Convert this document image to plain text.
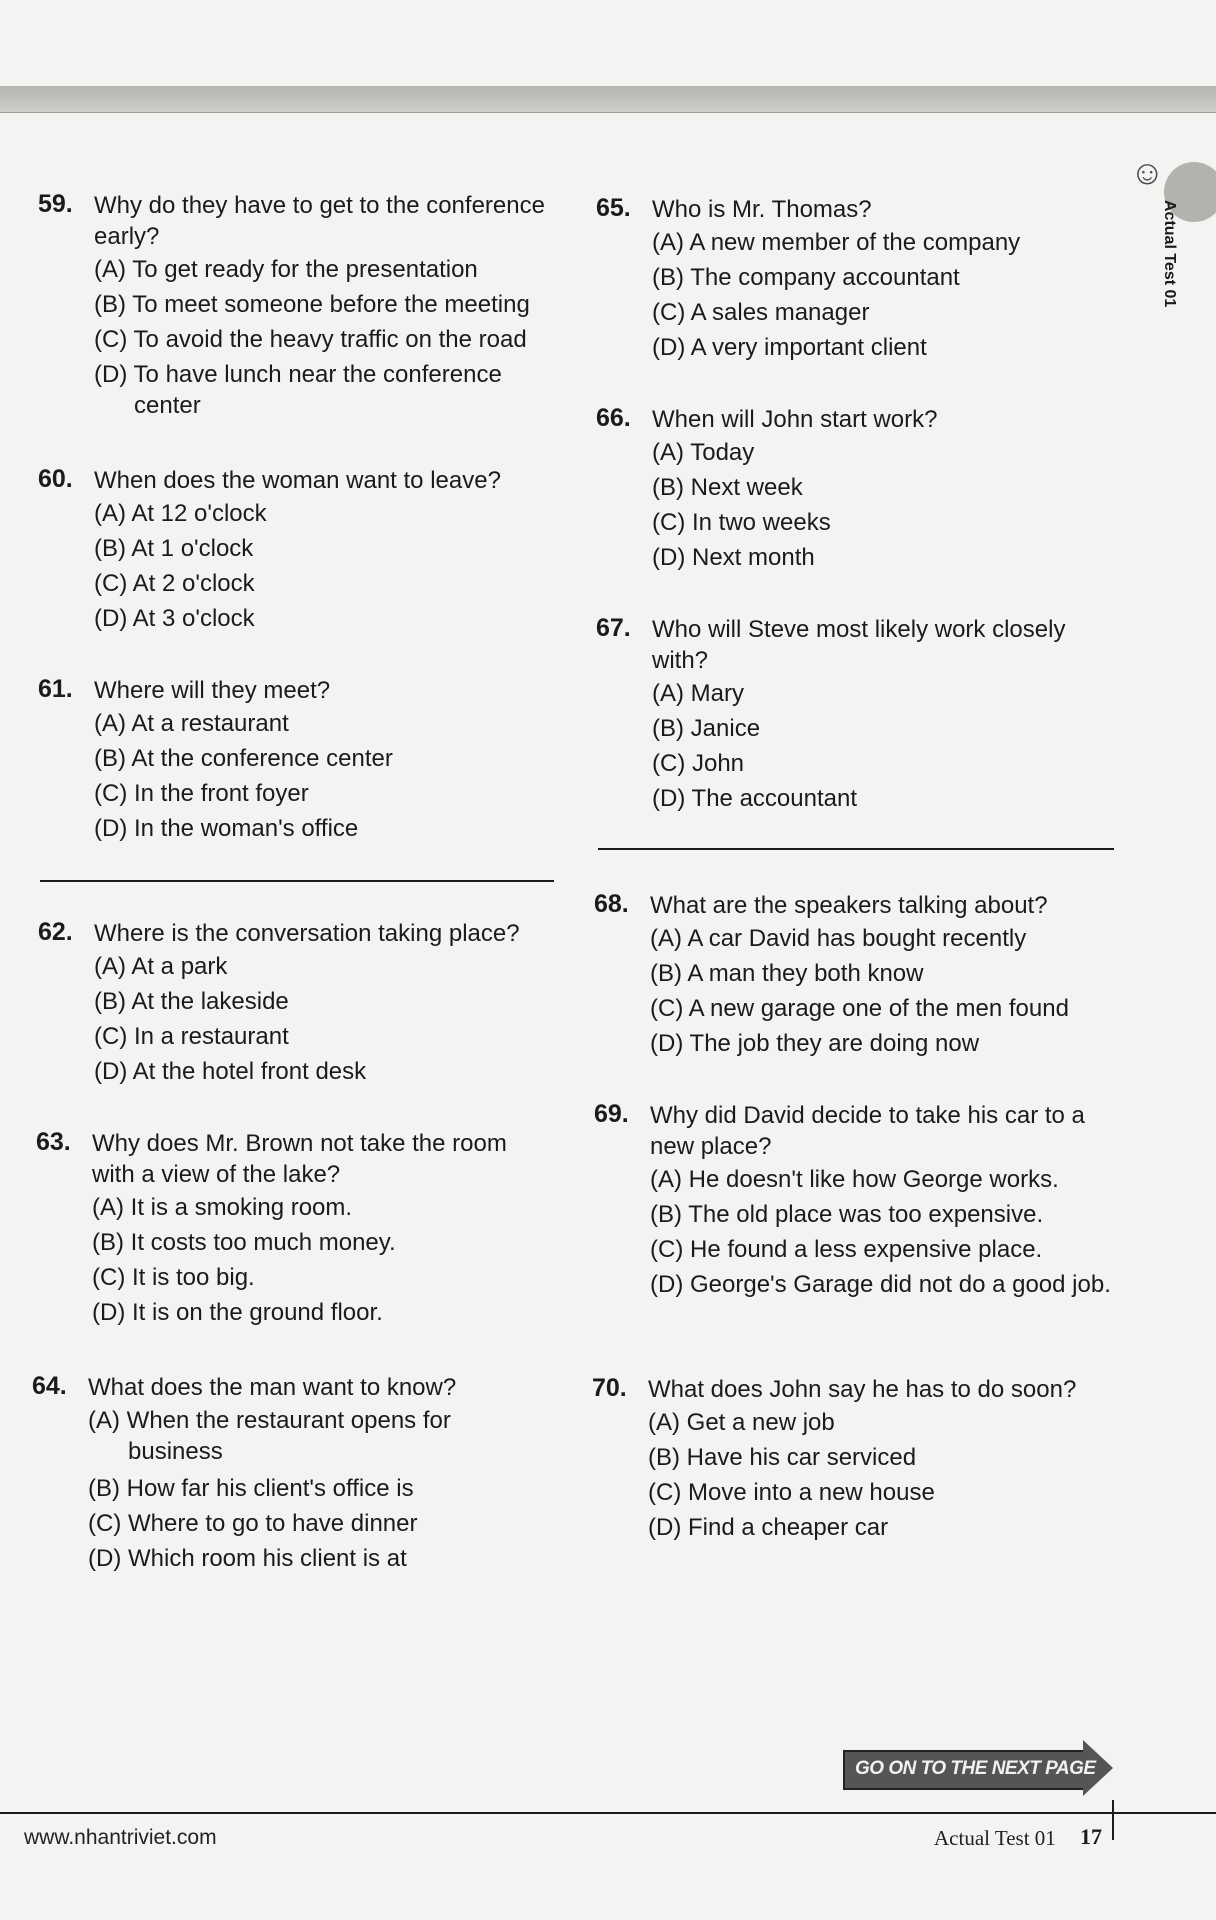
☺
Actual Test 01
59. Why do they have to get to the conference early?
(A) To get ready for the presentation
(B) To meet someone before the meeting
(C) To avoid the heavy traffic on the road
(D) To have lunch near the conference center
60. When does the woman want to leave?
(A) At 12 o'clock
(B) At 1 o'clock
(C) At 2 o'clock
(D) At 3 o'clock
61. Where will they meet?
(A) At a restaurant
(B) At the conference center
(C) In the front foyer
(D) In the woman's office
62. Where is the conversation taking place?
(A) At a park
(B) At the lakeside
(C) In a restaurant
(D) At the hotel front desk
63. Why does Mr. Brown not take the room with a view of the lake?
(A) It is a smoking room.
(B) It costs too much money.
(C) It is too big.
(D) It is on the ground floor.
64. What does the man want to know?
(A) When the restaurant opens for business
(B) How far his client's office is
(C) Where to go to have dinner
(D) Which room his client is at
65. Who is Mr. Thomas?
(A) A new member of the company
(B) The company accountant
(C) A sales manager
(D) A very important client
66. When will John start work?
(A) Today
(B) Next week
(C) In two weeks
(D) Next month
67. Who will Steve most likely work closely with?
(A) Mary
(B) Janice
(C) John
(D) The accountant
68. What are the speakers talking about?
(A) A car David has bought recently
(B) A man they both know
(C) A new garage one of the men found
(D) The job they are doing now
69. Why did David decide to take his car to a new place?
(A) He doesn't like how George works.
(B) The old place was too expensive.
(C) He found a less expensive place.
(D) George's Garage did not do a good job.
70. What does John say he has to do soon?
(A) Get a new job
(B) Have his car serviced
(C) Move into a new house
(D) Find a cheaper car
GO ON TO THE NEXT PAGE
www.nhantriviet.com	Actual Test 01 17
